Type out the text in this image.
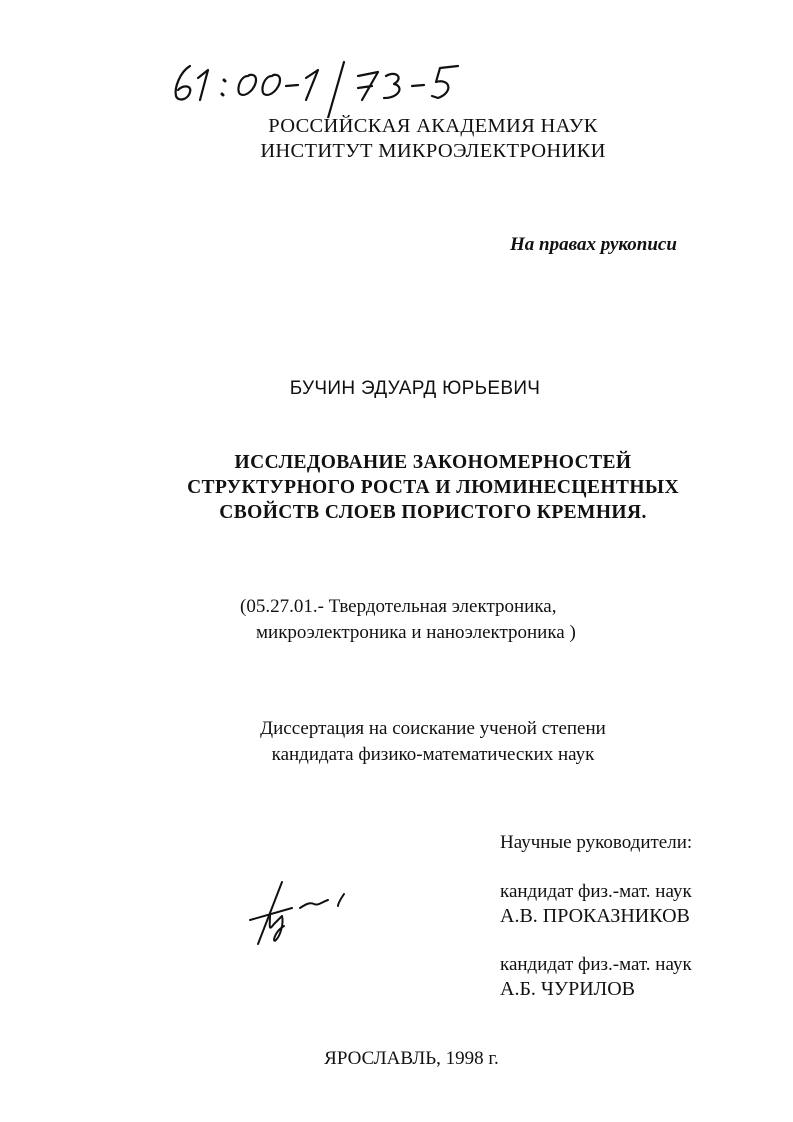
РОССИЙСКАЯ АКАДЕМИЯ НАУК
ИНСТИТУТ МИКРОЭЛЕКТРОНИКИ
На правах рукописи
БУЧИН ЭДУАРД ЮРЬЕВИЧ
ИССЛЕДОВАНИЕ ЗАКОНОМЕРНОСТЕЙ
СТРУКТУРНОГО РОСТА И ЛЮМИНЕСЦЕНТНЫХ
СВОЙСТВ СЛОЕВ ПОРИСТОГО КРЕМНИЯ.
(05.27.01.- Твердотельная электроника,
микроэлектроника и наноэлектроника )
Диссертация на соискание ученой степени
кандидата физико-математических наук
Научные руководители:
кандидат физ.-мат. наук
А.В. ПРОКАЗНИКОВ
кандидат физ.-мат. наук
А.Б. ЧУРИЛОВ
ЯРОСЛАВЛЬ, 1998 г.
